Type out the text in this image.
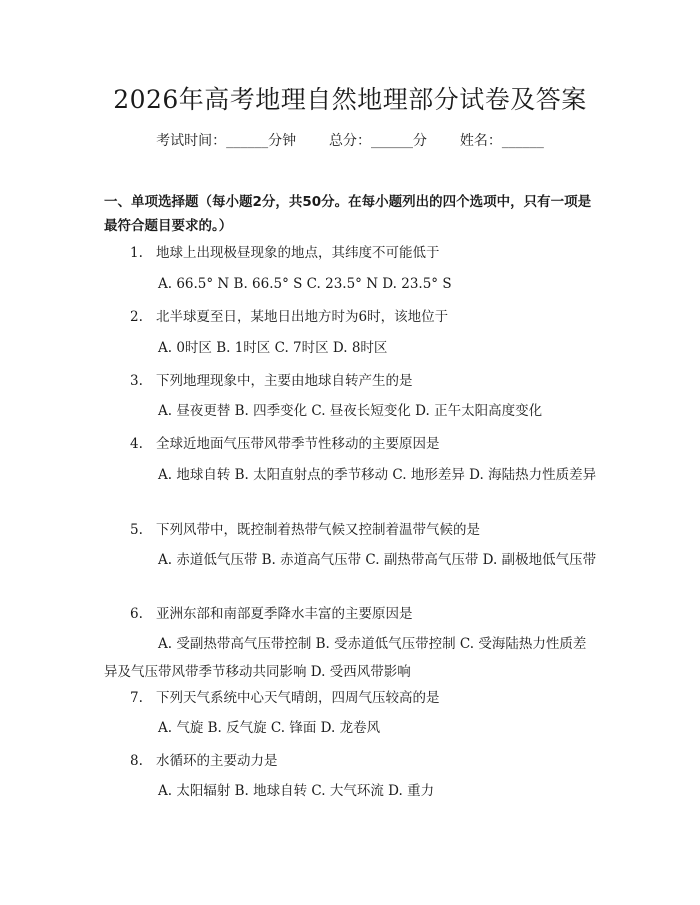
2026年高考地理自然地理部分试卷及答案
考试时间：______分钟 总分：______分 姓名：______
一、单项选择题（每小题2分，共50分。在每小题列出的四个选项中，只有一项是最符合题目要求的。）
1. 地球上出现极昼现象的地点，其纬度不可能低于
A. 66.5° N B. 66.5° S C. 23.5° N D. 23.5° S
2. 北半球夏至日，某地日出地方时为6时，该地位于
A. 0时区 B. 1时区 C. 7时区 D. 8时区
3. 下列地理现象中，主要由地球自转产生的是
A. 昼夜更替 B. 四季变化 C. 昼夜长短变化 D. 正午太阳高度变化
4. 全球近地面气压带风带季节性移动的主要原因是
A. 地球自转 B. 太阳直射点的季节移动 C. 地形差异 D. 海陆热力性质差异
5. 下列风带中，既控制着热带气候又控制着温带气候的是
A. 赤道低气压带 B. 赤道高气压带 C. 副热带高气压带 D. 副极地低气压带
6. 亚洲东部和南部夏季降水丰富的主要原因是
A. 受副热带高气压带控制 B. 受赤道低气压带控制 C. 受海陆热力性质差异及气压带风带季节移动共同影响 D. 受西风带影响
7. 下列天气系统中心天气晴朗，四周气压较高的是
A. 气旋 B. 反气旋 C. 锋面 D. 龙卷风
8. 水循环的主要动力是
A. 太阳辐射 B. 地球自转 C. 大气环流 D. 重力
